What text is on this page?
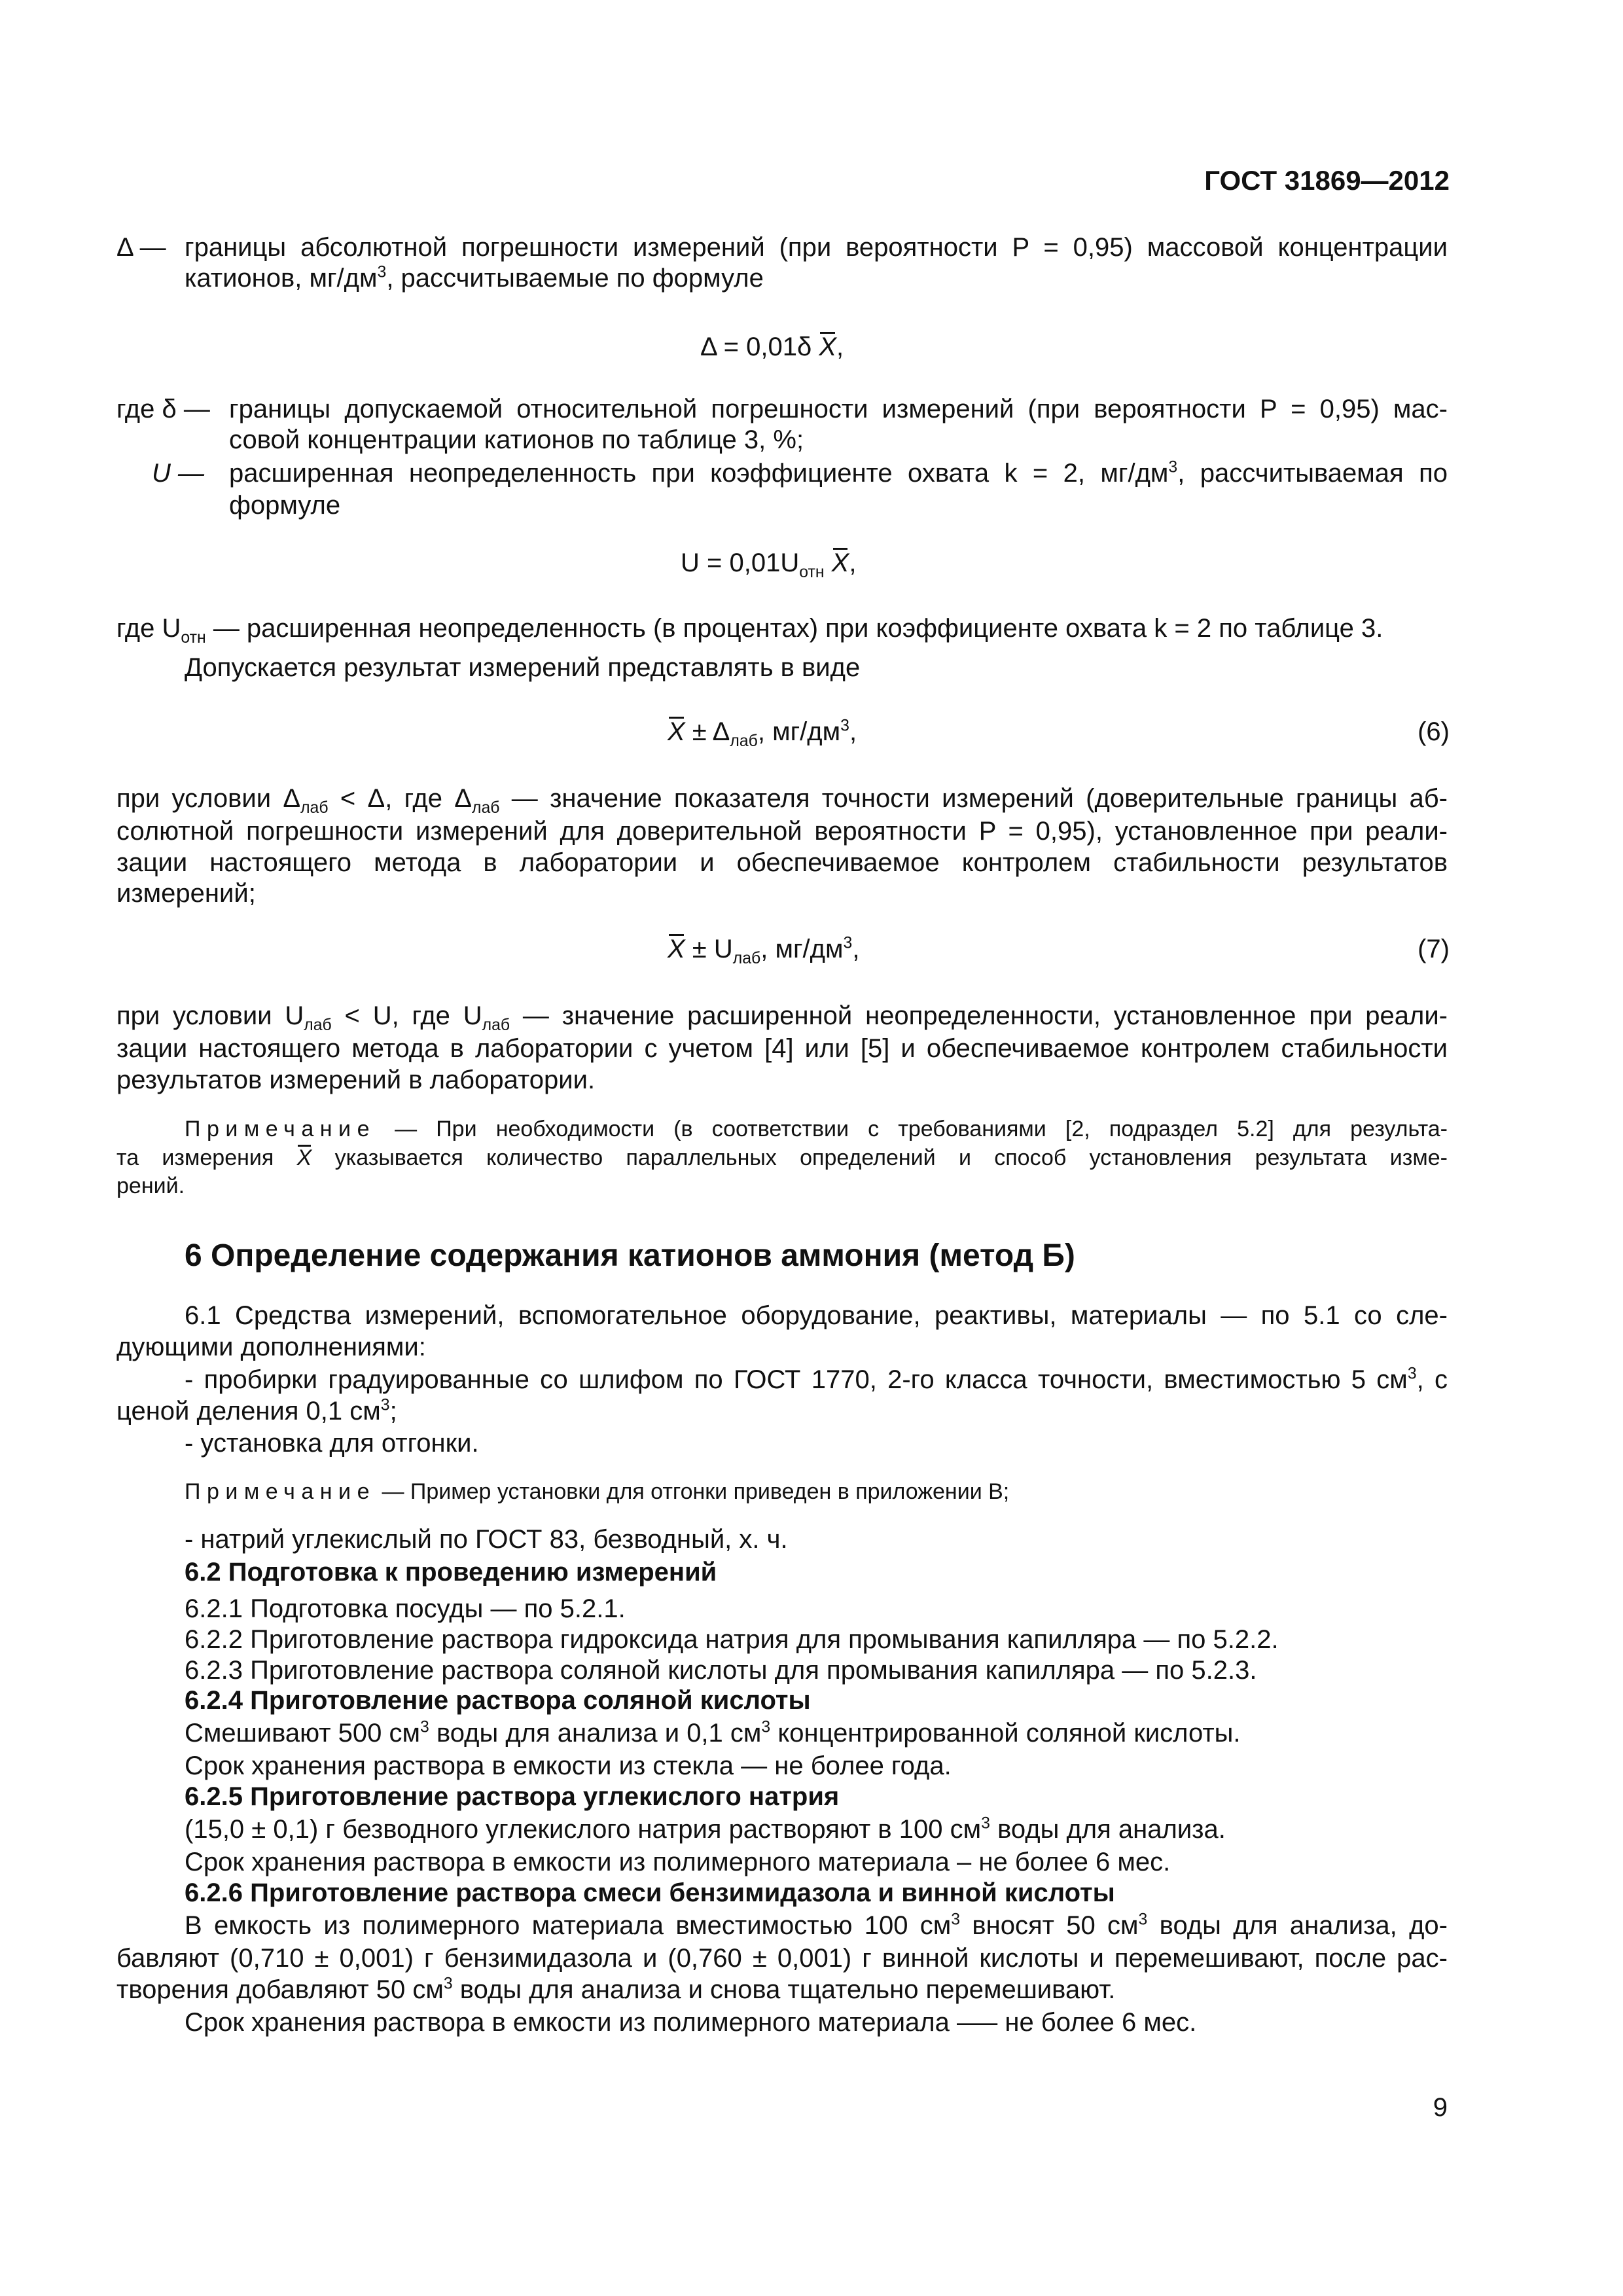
ГОСТ 31869—2012
Δ — границы абсолютной погрешности измерений (при вероятности P = 0,95) массовой концентрации
катионов, $мг/дм^3$, рассчитываемые по формуле
Δ = 0,01δ X,
где δ — границы допускаемой относительной погрешности измерений (при вероятности P = 0,95) мас-
совой концентрации катионов по таблице 3, %;
U — расширенная неопределенность при коэффициенте охвата k = 2, $мг/дм^3$, рассчитываемая по
формуле
$U = 0,01U_{отн}$ X,
где $U_{отн}$ — расширенная неопределенность (в процентах) при коэффициенте охвата k = 2 по таблице 3.
Допускается результат измерений представлять в виде
$X \pm \Delta_{лаб}$, $мг/дм^3$,	(6)
при условии $\Delta_{лаб} < \Delta$, где $\Delta_{лаб}$ — значение показателя точности измерений (доверительные границы аб-
солютной погрешности измерений для доверительной вероятности P = 0,95), установленное при реали-
зации настоящего метода в лаборатории и обеспечиваемое контролем стабильности результатов
измерений;
$X \pm U_{лаб}$, $мг/дм^3$,	(7)
при условии $U_{лаб} < U$, где $U_{лаб}$ — значение расширенной неопределенности, установленное при реали-
зации настоящего метода в лаборатории с учетом [4] или [5] и обеспечиваемое контролем стабильности
результатов измерений в лаборатории.
Примечание — При необходимости (в соответствии с требованиями [2, подраздел 5.2] для результа-
та измерения X указывается количество параллельных определений и способ установления результата изме-
рений.
6 Определение содержания катионов аммония (метод Б)
6.1 Средства измерений, вспомогательное оборудование, реактивы, материалы — по 5.1 со сле-
дующими дополнениями:
- пробирки градуированные со шлифом по ГОСТ 1770, 2-го класса точности, вместимостью 5 $см^3$, с
ценой деления 0,1 $см^3$;
- установка для отгонки.
Примечание — Пример установки для отгонки приведен в приложении В;
- натрий углекислый по ГОСТ 83, безводный, х. ч.
6.2 Подготовка к проведению измерений
6.2.1 Подготовка посуды — по 5.2.1.
6.2.2 Приготовление раствора гидроксида натрия для промывания капилляра — по 5.2.2.
6.2.3 Приготовление раствора соляной кислоты для промывания капилляра — по 5.2.3.
6.2.4 Приготовление раствора соляной кислоты
Смешивают 500 $см^3$ воды для анализа и 0,1 $см^3$ концентрированной соляной кислоты.
Срок хранения раствора в емкости из стекла — не более года.
6.2.5 Приготовление раствора углекислого натрия
(15,0 ± 0,1) г безводного углекислого натрия растворяют в 100 $см^3$ воды для анализа.
Срок хранения раствора в емкости из полимерного материала – не более 6 мес.
6.2.6 Приготовление раствора смеси бензимидазола и винной кислоты
В емкость из полимерного материала вместимостью 100 $см^3$ вносят 50 $см^3$ воды для анализа, до-
бавляют (0,710 ± 0,001) г бензимидазола и (0,760 ± 0,001) г винной кислоты и перемешивают, после рас-
творения добавляют 50 $см^3$ воды для анализа и снова тщательно перемешивают.
Срок хранения раствора в емкости из полимерного материала —– не более 6 мес.
9
